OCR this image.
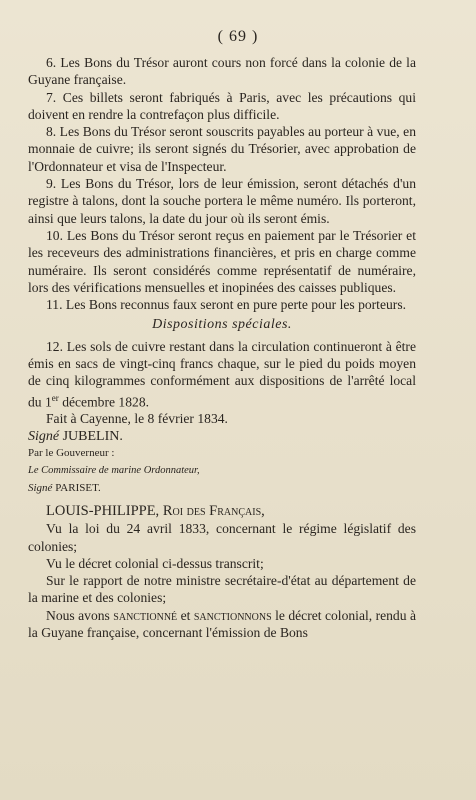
( 69 )

6. Les Bons du Trésor auront cours non forcé dans la colonie de la Guyane française.

7. Ces billets seront fabriqués à Paris, avec les précautions qui doivent en rendre la contrefaçon plus difficile.

8. Les Bons du Trésor seront souscrits payables au porteur à vue, en monnaie de cuivre; ils seront signés du Trésorier, avec approbation de l'Ordonnateur et visa de l'Inspecteur.

9. Les Bons du Trésor, lors de leur émission, seront détachés d'un registre à talons, dont la souche portera le même numéro. Ils porteront, ainsi que leurs talons, la date du jour où ils seront émis.

10. Les Bons du Trésor seront reçus en paiement par le Trésorier et les receveurs des administrations financières, et pris en charge comme numéraire. Ils seront considérés comme représentatif de numéraire, lors des vérifications mensuelles et inopinées des caisses publiques.

11. Les Bons reconnus faux seront en pure perte pour les porteurs.

Dispositions spéciales.

12. Les sols de cuivre restant dans la circulation continueront à être émis en sacs de vingt-cinq francs chaque, sur le pied du poids moyen de cinq kilogrammes conformément aux dispositions de l'arrêté local du 1er décembre 1828.

Fait à Cayenne, le 8 février 1834.

Signé JUBELIN.

Par le Gouverneur :

Le Commissaire de marine Ordonnateur,

Signé PARISET.

LOUIS-PHILIPPE, Roi des Français,

Vu la loi du 24 avril 1833, concernant le régime législatif des colonies;

Vu le décret colonial ci-dessus transcrit;

Sur le rapport de notre ministre secrétaire-d'état au département de la marine et des colonies;

Nous avons sanctionné et sanctionnons le décret colonial, rendu à la Guyane française, concernant l'émission de Bons
